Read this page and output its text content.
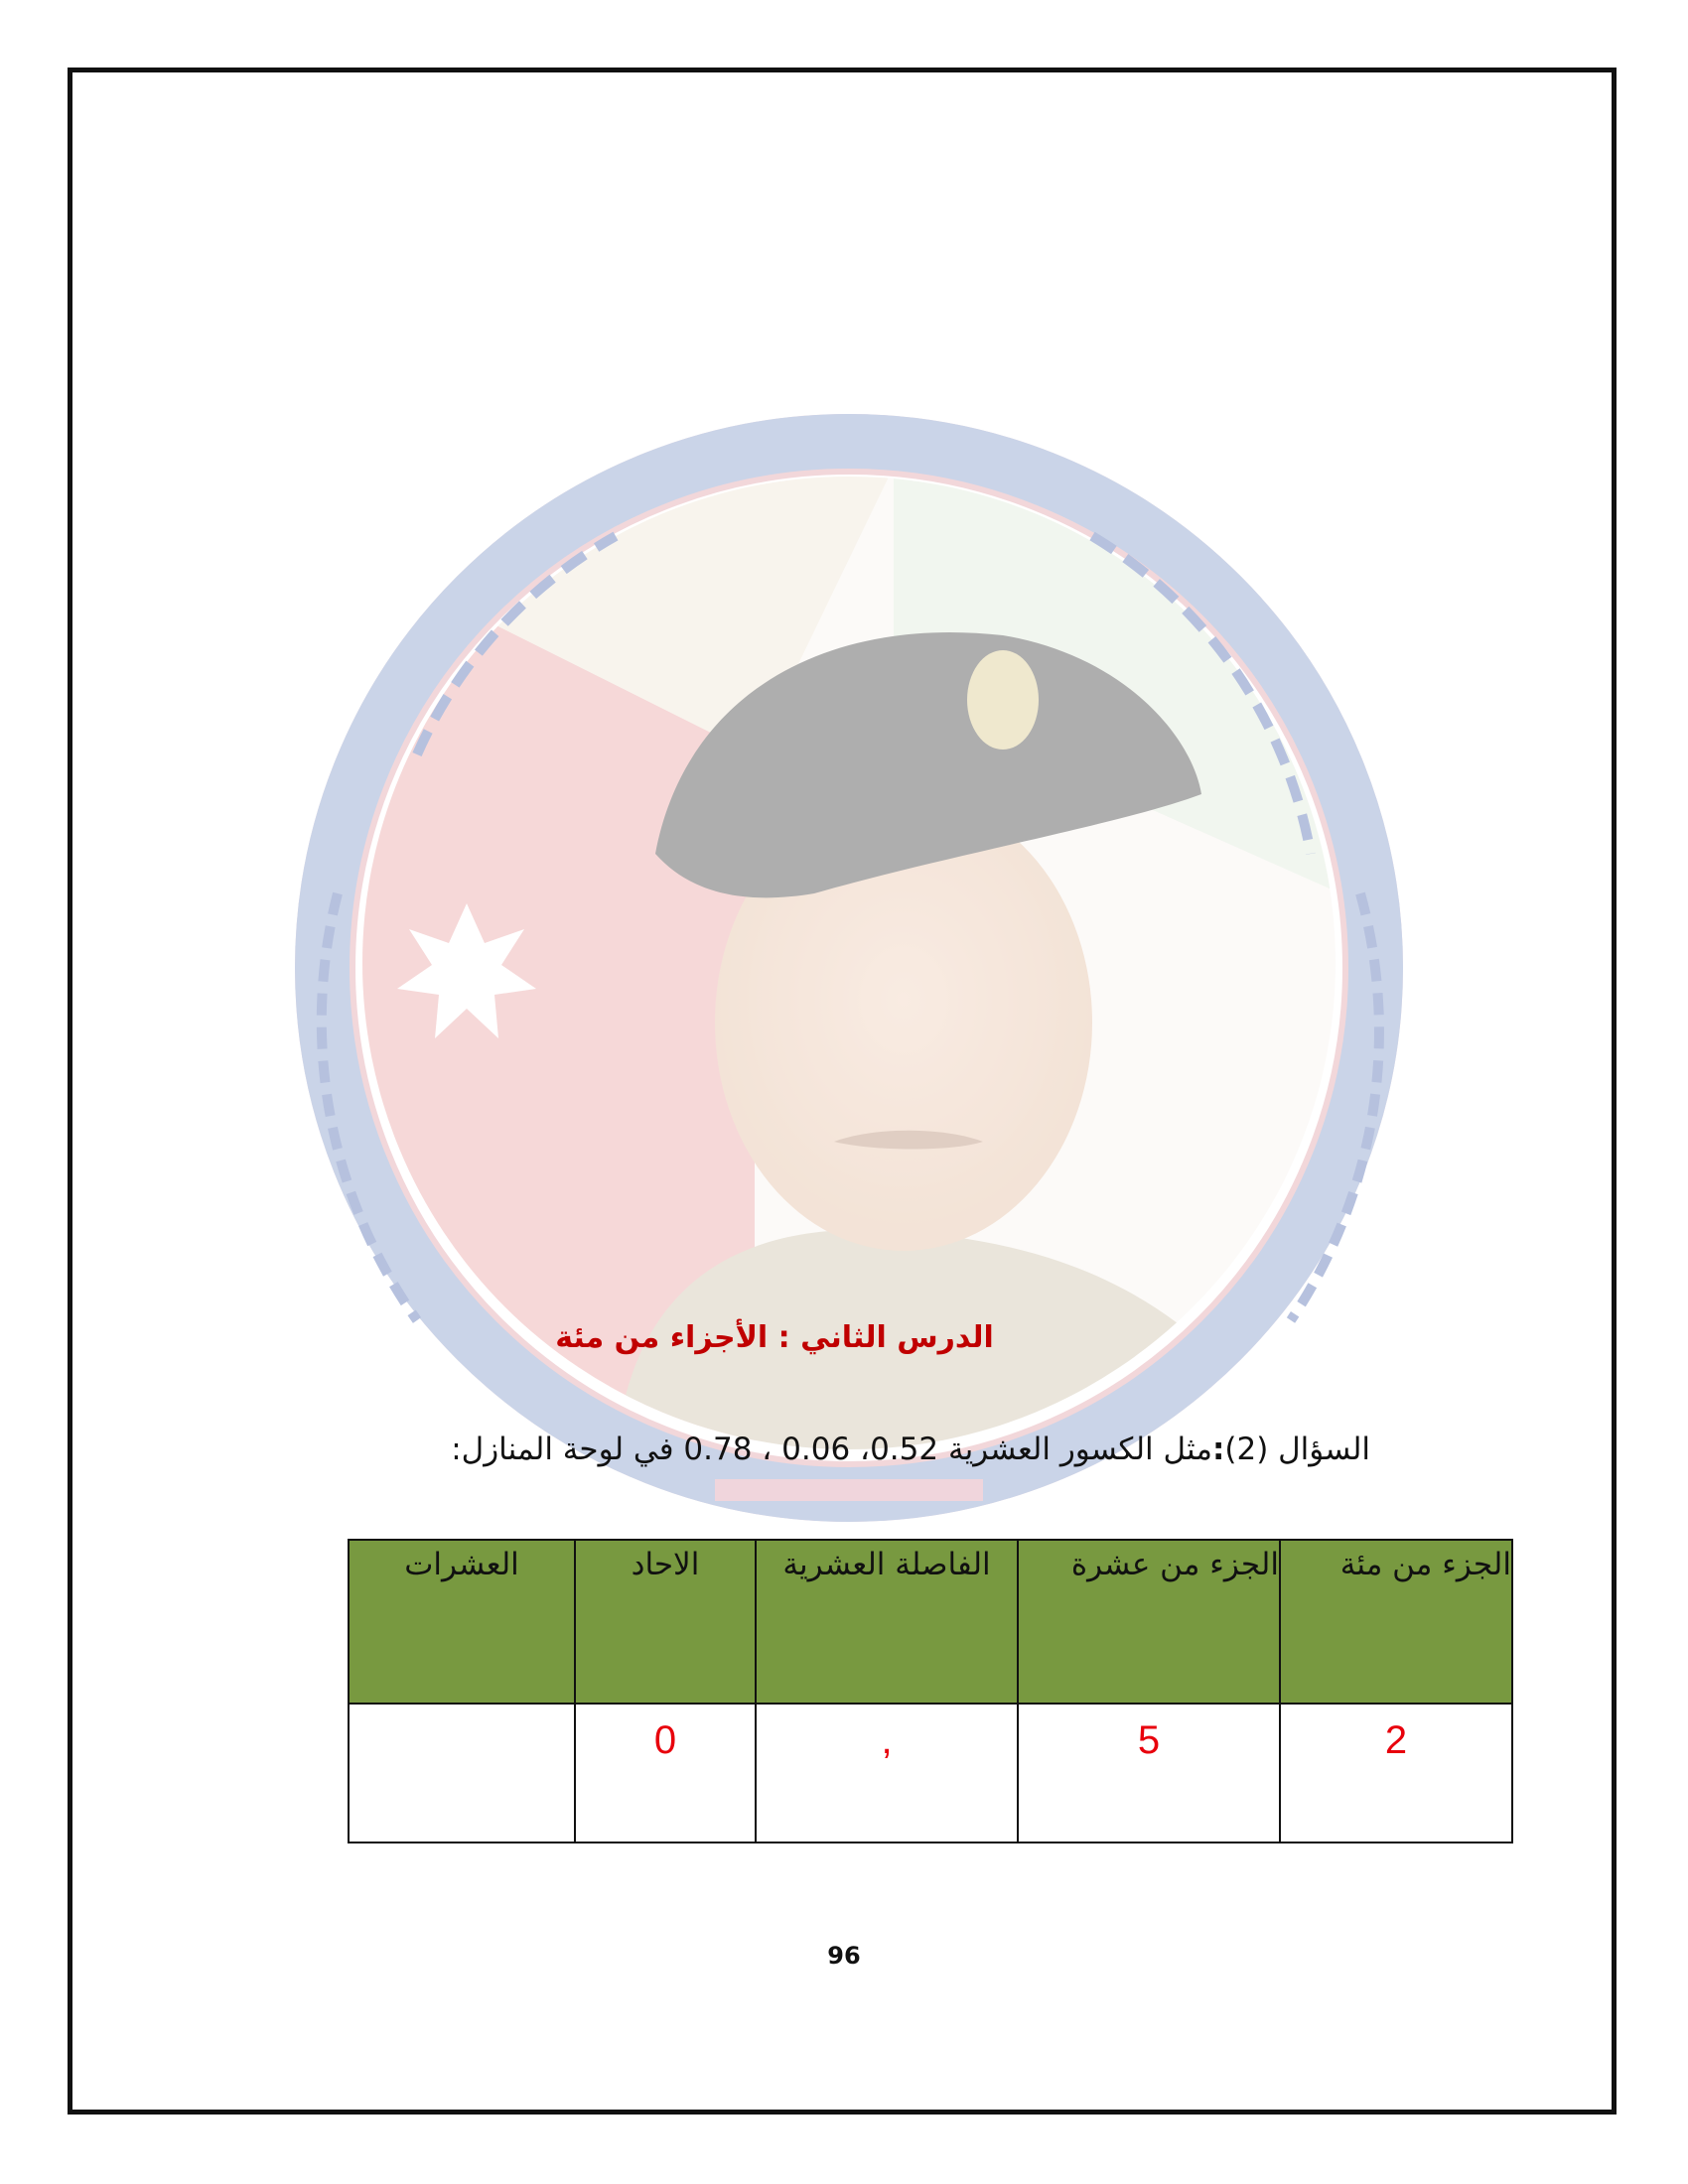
الدرس الثاني : الأجزاء من مئة
السؤال (2):مثل الكسور العشرية 0.52، 0.06 ، 0.78 في لوحة المنازل:
الجزء من مئة	الجزء من عشرة	الفاصلة العشرية	الاحاد	العشرات
2	5	,	0	
96
